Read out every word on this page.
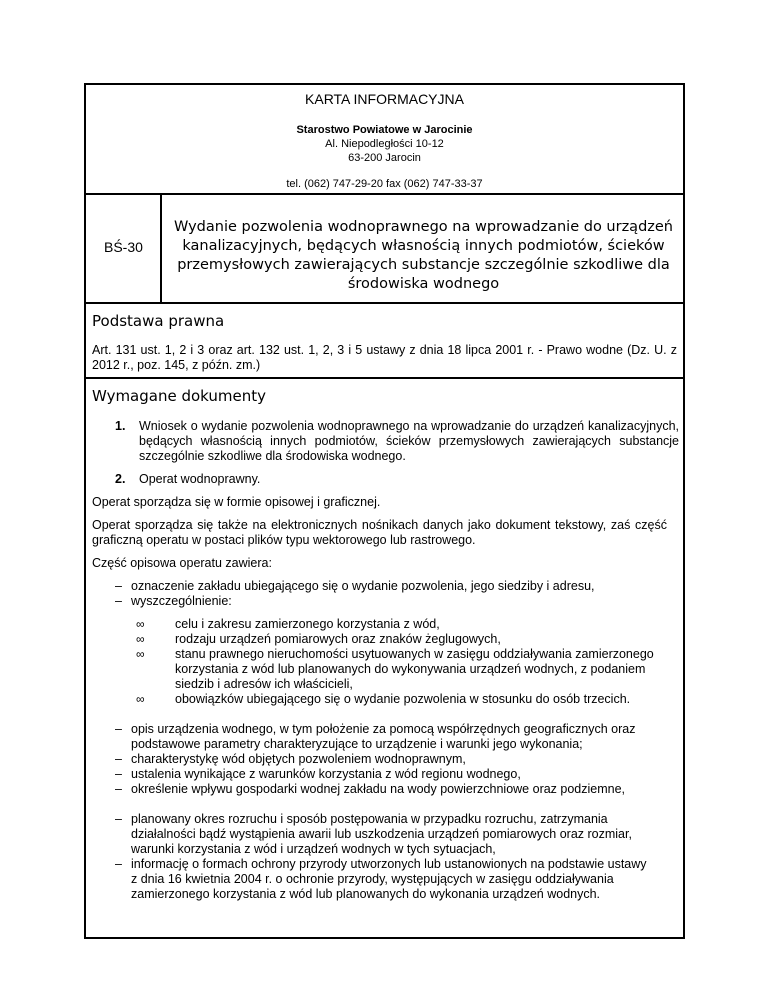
KARTA INFORMACYJNA
Starostwo Powiatowe w Jarocinie
Al. Niepodległości 10-12
63-200 Jarocin
tel. (062) 747-29-20 fax (062) 747-33-37
BŚ-30
Wydanie pozwolenia wodnoprawnego na wprowadzanie do urządzeń kanalizacyjnych, będących własnością innych podmiotów, ścieków przemysłowych zawierających substancje szczególnie szkodliwe dla środowiska wodnego
Podstawa prawna
Art. 131 ust. 1, 2 i 3 oraz art. 132 ust. 1, 2, 3 i 5 ustawy z dnia 18 lipca 2001 r. - Prawo wodne (Dz. U. z 2012 r., poz. 145, z późn. zm.)
Wymagane dokumenty
1. Wniosek o wydanie pozwolenia wodnoprawnego na wprowadzanie do urządzeń kanalizacyjnych, będących własnością innych podmiotów, ścieków przemysłowych zawierających substancje szczególnie szkodliwe dla środowiska wodnego.
2. Operat wodnoprawny.
Operat sporządza się w formie opisowej i graficznej.
Operat sporządza się także na elektronicznych nośnikach danych jako dokument tekstowy, zaś część graficzną operatu w postaci plików typu wektorowego lub rastrowego.
Część opisowa operatu zawiera:
– oznaczenie zakładu ubiegającego się o wydanie pozwolenia, jego siedziby i adresu,
– wyszczególnienie:
∞ celu i zakresu zamierzonego korzystania z wód,
∞ rodzaju urządzeń pomiarowych oraz znaków żeglugowych,
∞ stanu prawnego nieruchomości usytuowanych w zasięgu oddziaływania zamierzonego korzystania z wód lub planowanych do wykonywania urządzeń wodnych, z podaniem siedzib i adresów ich właścicieli,
∞ obowiązków ubiegającego się o wydanie pozwolenia w stosunku do osób trzecich.
– opis urządzenia wodnego, w tym położenie za pomocą współrzędnych geograficznych oraz podstawowe parametry charakteryzujące to urządzenie i warunki jego wykonania;
– charakterystykę wód objętych pozwoleniem wodnoprawnym,
– ustalenia wynikające z warunków korzystania z wód regionu wodnego,
– określenie wpływu gospodarki wodnej zakładu na wody powierzchniowe oraz podziemne,
– planowany okres rozruchu i sposób postępowania w przypadku rozruchu, zatrzymania działalności bądź wystąpienia awarii lub uszkodzenia urządzeń pomiarowych oraz rozmiar, warunki korzystania z wód i urządzeń wodnych w tych sytuacjach,
– informację o formach ochrony przyrody utworzonych lub ustanowionych na podstawie ustawy z dnia 16 kwietnia 2004 r. o ochronie przyrody, występujących w zasięgu oddziaływania zamierzonego korzystania z wód lub planowanych do wykonania urządzeń wodnych.
